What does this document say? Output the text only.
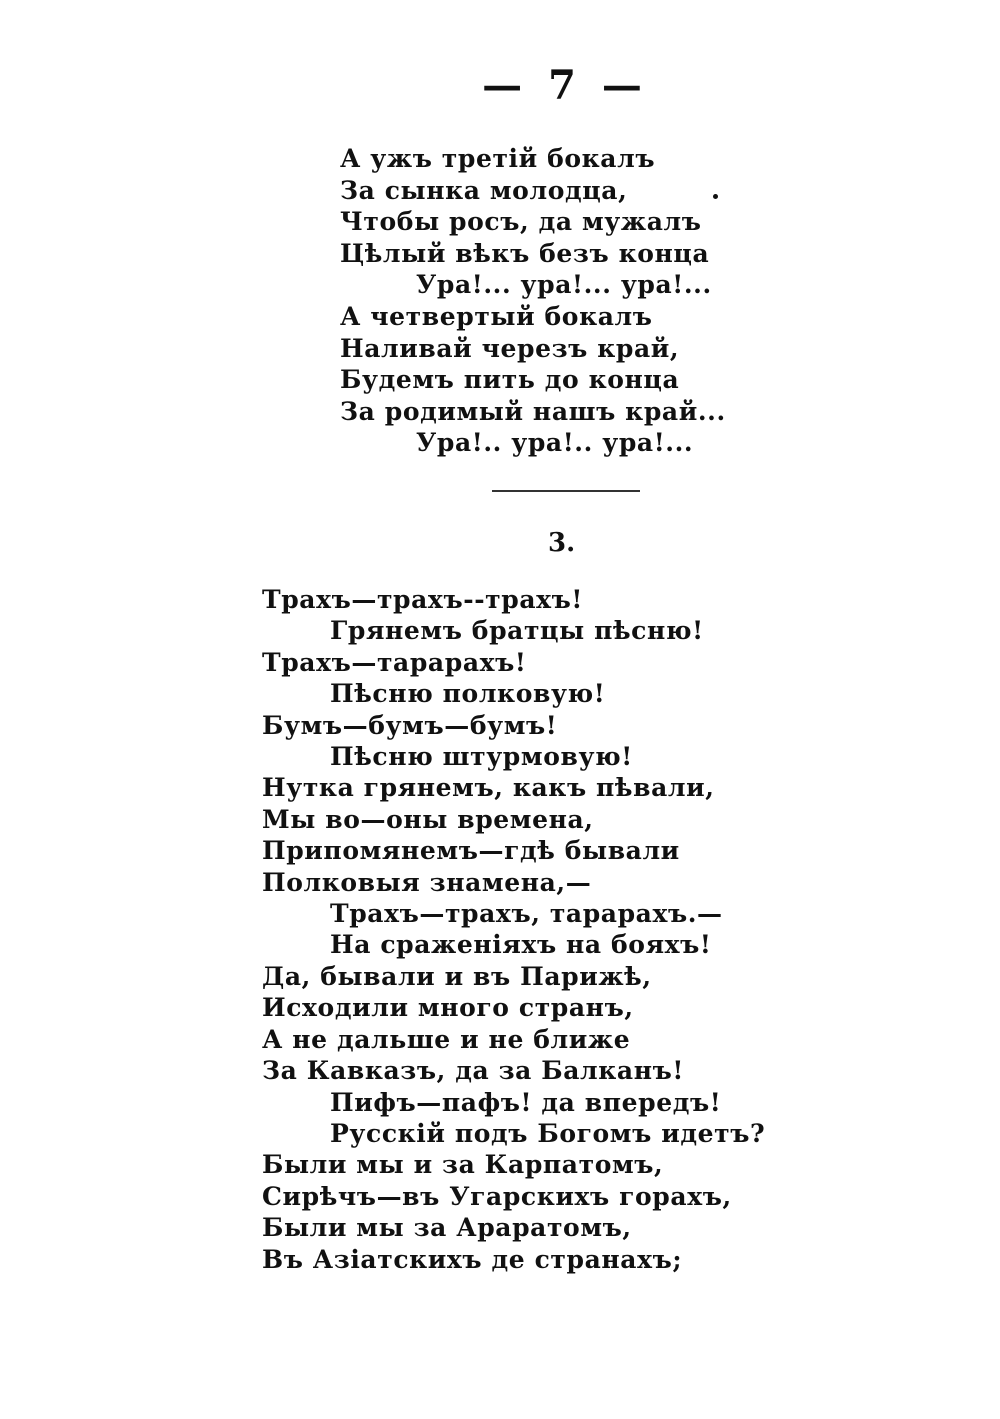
— 7 —
А ужъ третій бокалъ
За сынка молодца,
Чтобы росъ, да мужалъ
Цѣлый вѣкъ безъ конца
Ура!... ура!... ура!...
А четвертый бокалъ
Наливай черезъ край,
Будемъ пить до конца
За родимый нашъ край...
Ура!.. ура!.. ура!...
3.
Трахъ—трахъ--трахъ!
Грянемъ братцы пѣсню!
Трахъ—тарарахъ!
Пѣсню полковую!
Бумъ—бумъ—бумъ!
Пѣсню штурмовую!
Нутка грянемъ, какъ пѣвали,
Мы во—оны времена,
Припомянемъ—гдѣ бывали
Полковыя знамена,—
Трахъ—трахъ, тарарахъ.—
На сраженіяхъ на бояхъ!
Да, бывали и въ Парижѣ,
Исходили много странъ,
А не дальше и не ближе
За Кавказъ, да за Балканъ!
Пифъ—пафъ! да впередъ!
Русскій подъ Богомъ идетъ?
Были мы и за Карпатомъ,
Сирѣчъ—въ Угарскихъ горахъ,
Были мы за Араратомъ,
Въ Азіатскихъ де странахъ;
